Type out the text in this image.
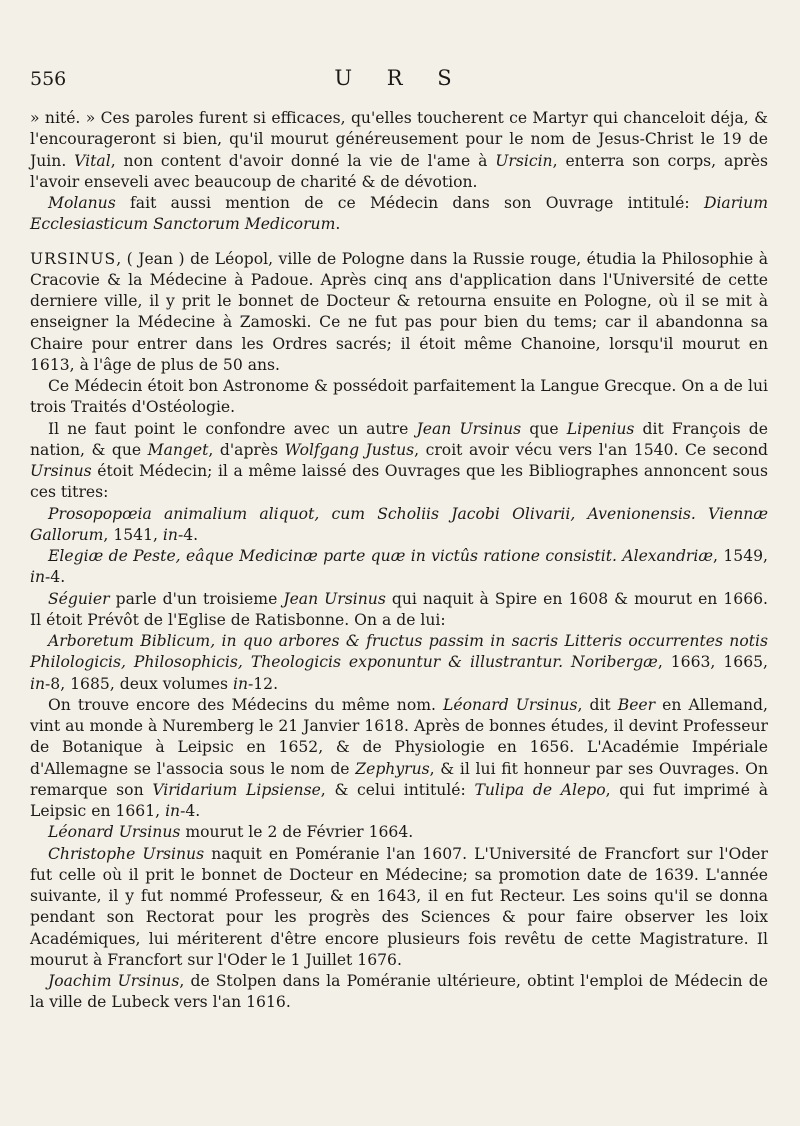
556	U R S

» nité. » Ces paroles furent si efficaces, qu'elles toucherent ce Martyr qui chanceloit déja, & l'encourageront si bien, qu'il mourut généreusement pour le nom de Jesus-Christ le 19 de Juin. Vital, non content d'avoir donné la vie de l'ame à Ursicin, enterra son corps, après l'avoir enseveli avec beaucoup de charité & de dévotion.

Molanus fait aussi mention de ce Médecin dans son Ouvrage intitulé: Diarium Ecclesiasticum Sanctorum Medicorum.

URSINUS, ( Jean ) de Léopol, ville de Pologne dans la Russie rouge, étudia la Philosophie à Cracovie & la Médecine à Padoue. Après cinq ans d'application dans l'Université de cette derniere ville, il y prit le bonnet de Docteur & retourna ensuite en Pologne, où il se mit à enseigner la Médecine à Zamoski. Ce ne fut pas pour bien du tems; car il abandonna sa Chaire pour entrer dans les Ordres sacrés; il étoit même Chanoine, lorsqu'il mourut en 1613, à l'âge de plus de 50 ans.

Ce Médecin étoit bon Astronome & possédoit parfaitement la Langue Grecque. On a de lui trois Traités d'Ostéologie.

Il ne faut point le confondre avec un autre Jean Ursinus que Lipenius dit François de nation, & que Manget, d'après Wolfgang Justus, croit avoir vécu vers l'an 1540. Ce second Ursinus étoit Médecin; il a même laissé des Ouvrages que les Bibliographes annoncent sous ces titres:

Prosopopœia animalium aliquot, cum Scholiis Jacobi Olivarii, Avenionensis. Viennæ Gallorum, 1541, in-4.

Elegiæ de Peste, eâque Medicinæ parte quæ in victûs ratione consistit. Alexandriæ, 1549, in-4.

Séguier parle d'un troisieme Jean Ursinus qui naquit à Spire en 1608 & mourut en 1666. Il étoit Prévôt de l'Eglise de Ratisbonne. On a de lui:

Arboretum Biblicum, in quo arbores & fructus passim in sacris Litteris occurrentes notis Philologicis, Philosophicis, Theologicis exponuntur & illustrantur. Noribergæ, 1663, 1665, in-8, 1685, deux volumes in-12.

On trouve encore des Médecins du même nom. Léonard Ursinus, dit Beer en Allemand, vint au monde à Nuremberg le 21 Janvier 1618. Après de bonnes études, il devint Professeur de Botanique à Leipsic en 1652, & de Physiologie en 1656. L'Académie Impériale d'Allemagne se l'associa sous le nom de Zephyrus, & il lui fit honneur par ses Ouvrages. On remarque son Viridarium Lipsiense, & celui intitulé: Tulipa de Alepo, qui fut imprimé à Leipsic en 1661, in-4.

Léonard Ursinus mourut le 2 de Février 1664.

Christophe Ursinus naquit en Poméranie l'an 1607. L'Université de Francfort sur l'Oder fut celle où il prit le bonnet de Docteur en Médecine; sa promotion date de 1639. L'année suivante, il y fut nommé Professeur, & en 1643, il en fut Recteur. Les soins qu'il se donna pendant son Rectorat pour les progrès des Sciences & pour faire observer les loix Académiques, lui mériterent d'être encore plusieurs fois revêtu de cette Magistrature. Il mourut à Francfort sur l'Oder le 1 Juillet 1676.

Joachim Ursinus, de Stolpen dans la Poméranie ultérieure, obtint l'emploi de Médecin de la ville de Lubeck vers l'an 1616.
